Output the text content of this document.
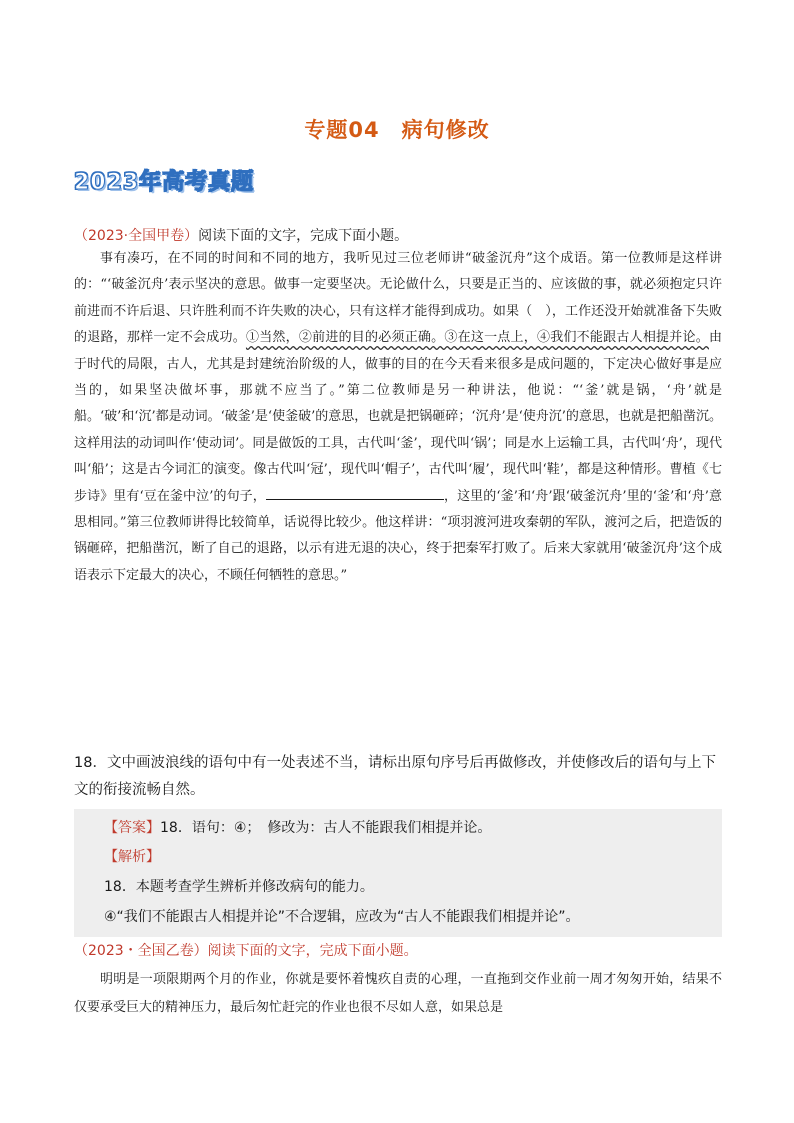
专题04　病句修改
2023年高考真题
（2023·全国甲卷）阅读下面的文字，完成下面小题。

事有凑巧，在不同的时间和不同的地方，我听见过三位老师讲“破釜沉舟”这个成语。第一位教师是这样讲的：“‘破釜沉舟’表示坚决的意思。做事一定要坚决。无论做什么，只要是正当的、应该做的事，就必须抱定只许前进而不许后退、只许胜利而不许失败的决心，只有这样才能得到成功。如果（　），工作还没开始就准备下失败的退路，那样一定不会成功。①当然，②前进的目的必须正确。③在这一点上，④我们不能跟古人相提并论。由于时代的局限，古人，尤其是封建统治阶级的人，做事的目的在今天看来很多是成问题的，下定决心做好事是应当的，如果坚决做坏事，那就不应当了。”第二位教师是另一种讲法，他说：“‘釜’就是锅，‘舟’就是船。‘破’和‘沉’都是动词。‘破釜’是‘使釜破’的意思，也就是把锅砸碎；‘沉舟’是‘使舟沉’的意思，也就是把船凿沉。这样用法的动词叫作‘使动词’。同是做饭的工具，古代叫‘釜’，现代叫‘锅’；同是水上运输工具，古代叫‘舟’，现代叫‘船’；这是古今词汇的演变。像古代叫‘冠’，现代叫‘帽子’，古代叫‘履’，现代叫‘鞋’，都是这种情形。曹植《七步诗》里有‘豆在釜中泣’的句子，	，这里的‘釜’和‘舟’跟‘破釜沉舟’里的‘釜’和‘舟’意思相同。”第三位教师讲得比较简单，话说得比较少。他这样讲：“项羽渡河进攻秦朝的军队，渡河之后，把造饭的锅砸碎，把船凿沉，断了自己的退路，以示有进无退的决心，终于把秦军打败了。后来大家就用‘破釜沉舟’这个成语表示下定最大的决心，不顾任何牺牲的意思。”

18．文中画波浪线的语句中有一处表述不当，请标出原句序号后再做修改，并使修改后的语句与上下文的衔接流畅自然。
【答案】18．语句：④；　修改为：古人不能跟我们相提并论。
【解析】
18．本题考查学生辨析并修改病句的能力。
④“我们不能跟古人相提并论”不合逻辑，应改为“古人不能跟我们相提并论”。
（2023・全国乙卷）阅读下面的文字，完成下面小题。

明明是一项限期两个月的作业，你就是要怀着愧疚自责的心理，一直拖到交作业前一周才匆匆开始，结果不仅要承受巨大的精神压力，最后匆忙赶完的作业也很不尽如人意，如果总是
